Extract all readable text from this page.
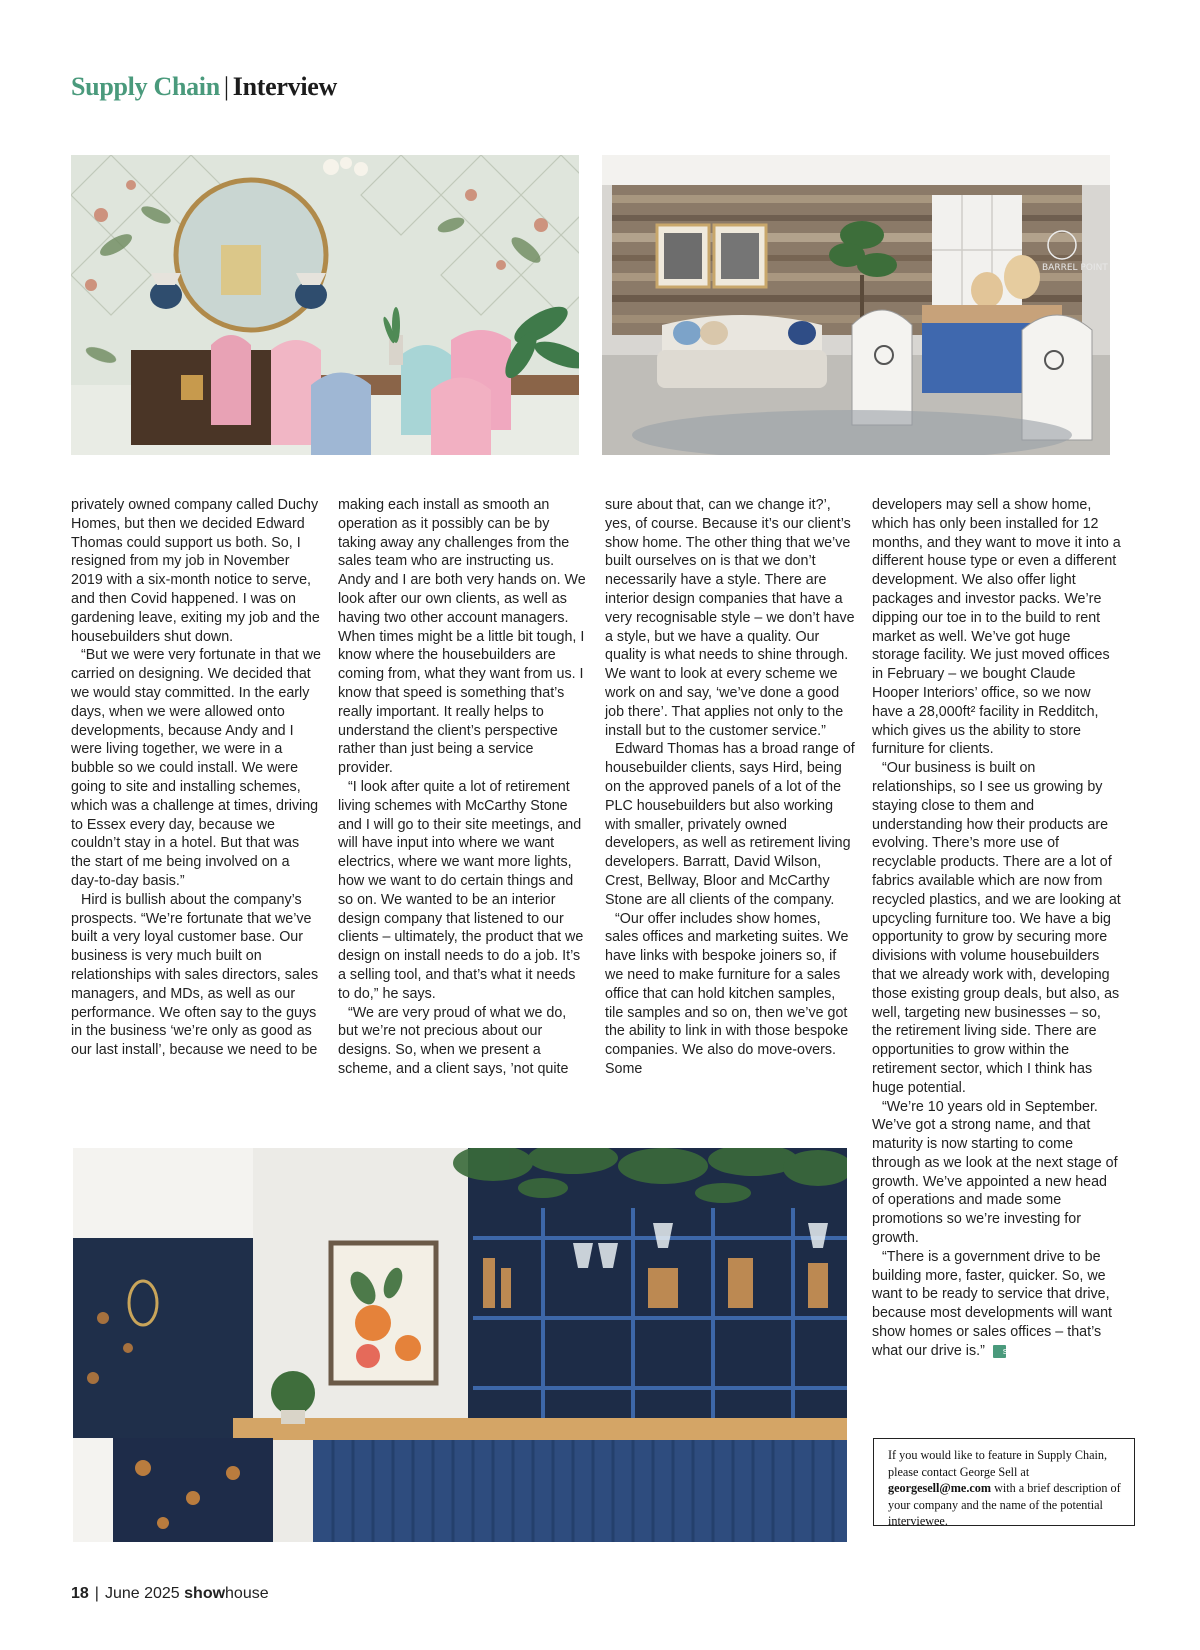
Supply Chain | Interview
BARREL POINT

privately owned company called Duchy Homes, but then we decided Edward Thomas could support us both. So, I resigned from my job in November 2019 with a six-month notice to serve, and then Covid happened. I was on gardening leave, exiting my job and the housebuilders shut down.

“But we were very fortunate in that we carried on designing. We decided that we would stay committed. In the early days, when we were allowed onto developments, because Andy and I were living together, we were in a bubble so we could install. We were going to site and installing schemes, which was a challenge at times, driving to Essex every day, because we couldn’t stay in a hotel. But that was the start of me being involved on a day-to-day basis.”

Hird is bullish about the company’s prospects. “We’re fortunate that we’ve built a very loyal customer base. Our business is very much built on relationships with sales directors, sales managers, and MDs, as well as our performance. We often say to the guys in the business ‘we’re only as good as our last install’, because we need to be

making each install as smooth an operation as it possibly can be by taking away any challenges from the sales team who are instructing us. Andy and I are both very hands on. We look after our own clients, as well as having two other account managers. When times might be a little bit tough, I know where the housebuilders are coming from, what they want from us. I know that speed is something that’s really important. It really helps to understand the client’s perspective rather than just being a service provider.

“I look after quite a lot of retirement living schemes with McCarthy Stone and I will go to their site meetings, and will have input into where we want electrics, where we want more lights, how we want to do certain things and so on. We wanted to be an interior design company that listened to our clients – ultimately, the product that we design on install needs to do a job. It’s a selling tool, and that’s what it needs to do,” he says.

“We are very proud of what we do, but we’re not precious about our designs. So, when we present a scheme, and a client says, ’not quite

sure about that, can we change it?’, yes, of course. Because it’s our client’s show home. The other thing that we’ve built ourselves on is that we don’t necessarily have a style. There are interior design companies that have a very recognisable style – we don’t have a style, but we have a quality. Our quality is what needs to shine through. We want to look at every scheme we work on and say, ‘we’ve done a good job there’. That applies not only to the install but to the customer service.”

Edward Thomas has a broad range of housebuilder clients, says Hird, being on the approved panels of a lot of the PLC housebuilders but also working with smaller, privately owned developers, as well as retirement living developers. Barratt, David Wilson, Crest, Bellway, Bloor and McCarthy Stone are all clients of the company.

“Our offer includes show homes, sales offices and marketing suites. We have links with bespoke joiners so, if we need to make furniture for a sales office that can hold kitchen samples, tile samples and so on, then we’ve got the ability to link in with those bespoke companies. We also do move-overs. Some

developers may sell a show home, which has only been installed for 12 months, and they want to move it into a different house type or even a different development. We also offer light packages and investor packs. We’re dipping our toe in to the build to rent market as well. We’ve got huge storage facility. We just moved offices in February – we bought Claude Hooper Interiors’ office, so we now have a 28,000ft² facility in Redditch, which gives us the ability to store furniture for clients.

“Our business is built on relationships, so I see us growing by staying close to them and understanding how their products are evolving. There’s more use of recyclable products. There are a lot of fabrics available which are now from recycled plastics, and we are looking at upcycling furniture too. We have a big opportunity to grow by securing more divisions with volume housebuilders that we already work with, developing those existing group deals, but also, as well, targeting new businesses – so, the retirement living side. There are opportunities to grow within the retirement sector, which I think has huge potential.

“We’re 10 years old in September. We’ve got a strong name, and that maturity is now starting to come through as we look at the next stage of growth. We’ve appointed a new head of operations and made some promotions so we’re investing for growth.

“There is a government drive to be building more, faster, quicker. So, we want to be ready to service that drive, because most developments will want show homes or sales offices – that’s what our drive is.” sh

If you would like to feature in Supply Chain, please contact George Sell at georgesell@me.com with a brief description of your company and the name of the potential interviewee.
18 | June 2025 showhouse
